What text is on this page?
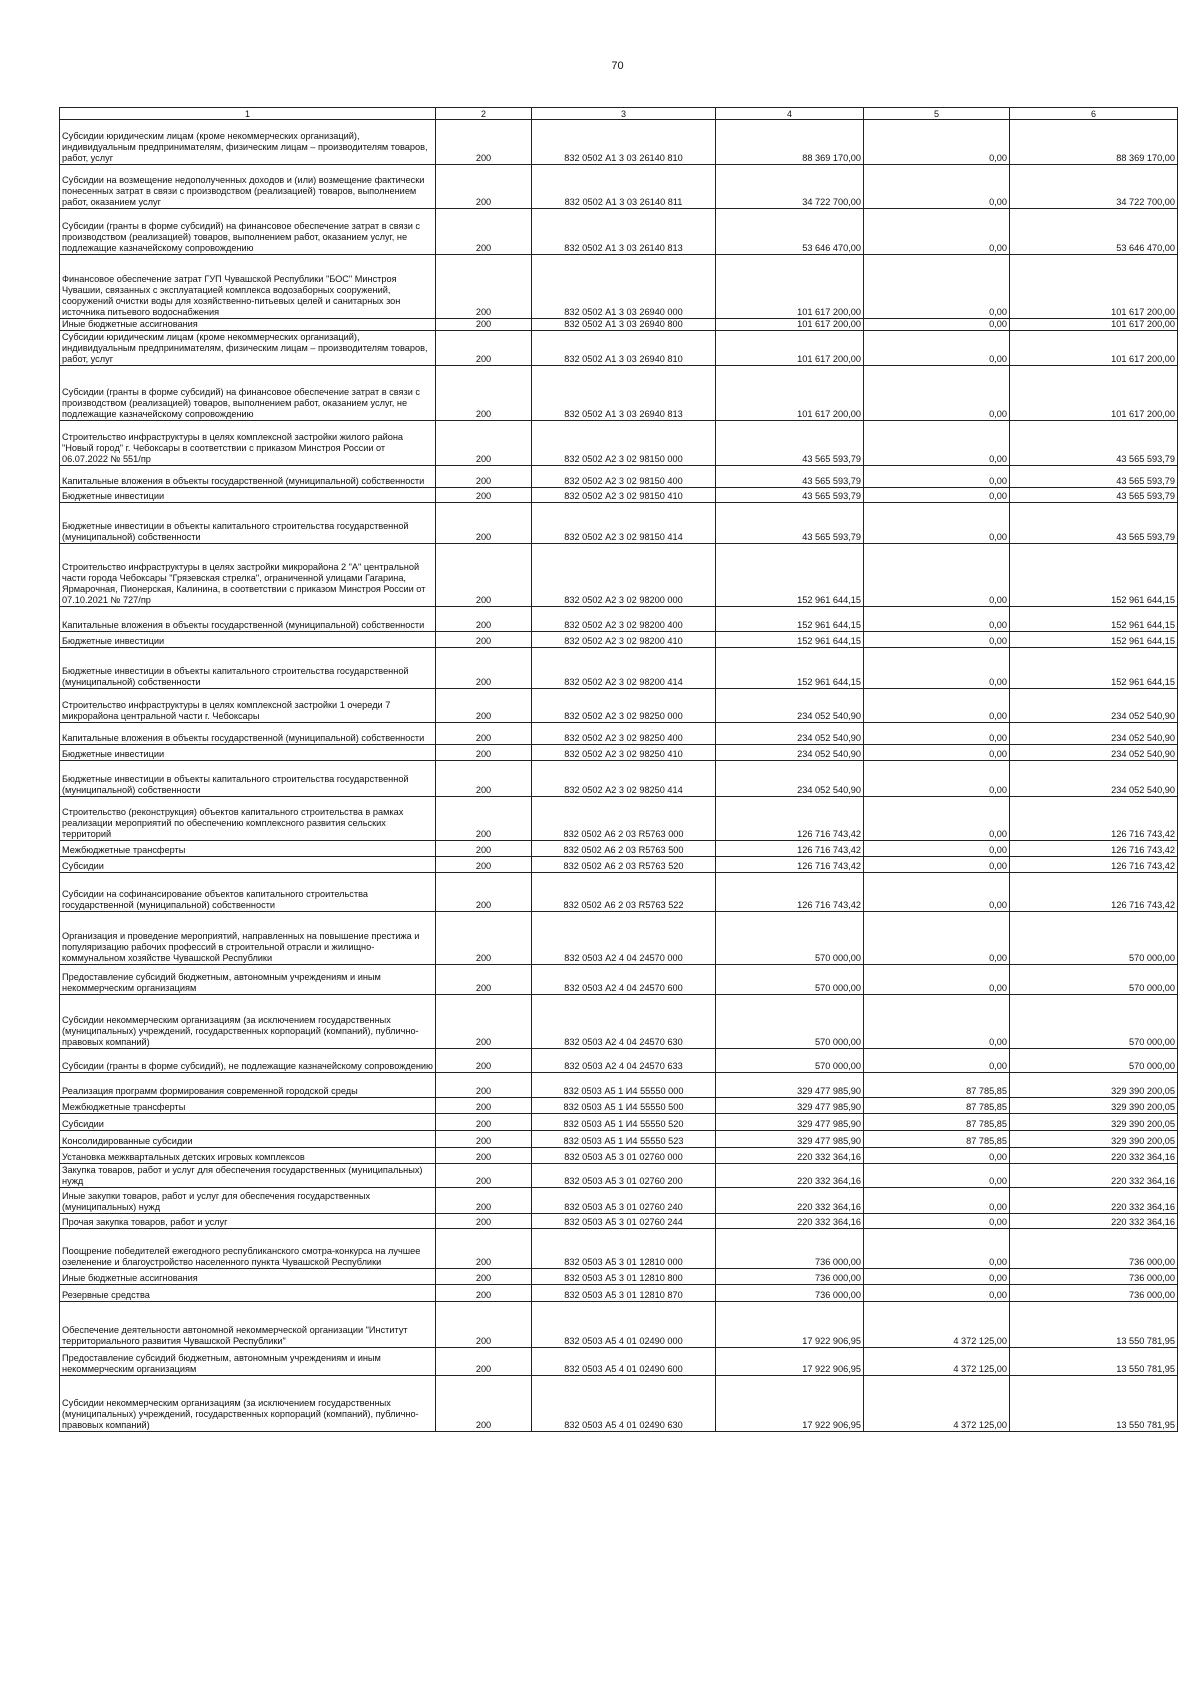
70
1	2	3	4	5	6
Субсидии юридическим лицам (кроме некоммерческих организаций), индивидуальным предпринимателям, физическим лицам – производителям товаров, работ, услуг	200	832 0502 А1 3 03 26140 810	88 369 170,00	0,00	88 369 170,00
Субсидии на возмещение недополученных доходов и (или) возмещение фактически понесенных затрат в связи с производством (реализацией) товаров, выполнением работ, оказанием услуг	200	832 0502 А1 3 03 26140 811	34 722 700,00	0,00	34 722 700,00
Субсидии (гранты в форме субсидий) на финансовое обеспечение затрат в связи с производством (реализацией) товаров, выполнением работ, оказанием услуг, не подлежащие казначейскому сопровождению	200	832 0502 А1 3 03 26140 813	53 646 470,00	0,00	53 646 470,00
Финансовое обеспечение затрат ГУП Чувашской Республики "БОС" Минстроя Чувашии, связанных с эксплуатацией комплекса водозаборных сооружений, сооружений очистки воды для хозяйственно-питьевых целей и санитарных зон источника питьевого водоснабжения	200	832 0502 А1 3 03 26940 000	101 617 200,00	0,00	101 617 200,00
Иные бюджетные ассигнования	200	832 0502 А1 3 03 26940 800	101 617 200,00	0,00	101 617 200,00
Субсидии юридическим лицам (кроме некоммерческих организаций), индивидуальным предпринимателям, физическим лицам – производителям товаров, работ, услуг	200	832 0502 А1 3 03 26940 810	101 617 200,00	0,00	101 617 200,00
Субсидии (гранты в форме субсидий) на финансовое обеспечение затрат в связи с производством (реализацией) товаров, выполнением работ, оказанием услуг, не подлежащие казначейскому сопровождению	200	832 0502 А1 3 03 26940 813	101 617 200,00	0,00	101 617 200,00
Строительство инфраструктуры в целях комплексной застройки жилого района "Новый город" г. Чебоксары в соответствии с приказом Минстроя России от 06.07.2022 № 551/пр	200	832 0502 А2 3 02 98150 000	43 565 593,79	0,00	43 565 593,79
Капитальные вложения в объекты государственной (муниципальной) собственности	200	832 0502 А2 3 02 98150 400	43 565 593,79	0,00	43 565 593,79
Бюджетные инвестиции	200	832 0502 А2 3 02 98150 410	43 565 593,79	0,00	43 565 593,79
Бюджетные инвестиции в объекты капитального строительства государственной (муниципальной) собственности	200	832 0502 А2 3 02 98150 414	43 565 593,79	0,00	43 565 593,79
Строительство инфраструктуры в целях застройки микрорайона 2 "А" центральной части города Чебоксары "Грязевская стрелка", ограниченной улицами Гагарина, Ярмарочная, Пионерская, Калинина, в соответствии с приказом Минстроя России от 07.10.2021 № 727/пр	200	832 0502 А2 3 02 98200 000	152 961 644,15	0,00	152 961 644,15
Капитальные вложения в объекты государственной (муниципальной) собственности	200	832 0502 А2 3 02 98200 400	152 961 644,15	0,00	152 961 644,15
Бюджетные инвестиции	200	832 0502 А2 3 02 98200 410	152 961 644,15	0,00	152 961 644,15
Бюджетные инвестиции в объекты капитального строительства государственной (муниципальной) собственности	200	832 0502 А2 3 02 98200 414	152 961 644,15	0,00	152 961 644,15
Строительство инфраструктуры в целях комплексной застройки 1 очереди 7 микрорайона центральной части г. Чебоксары	200	832 0502 А2 3 02 98250 000	234 052 540,90	0,00	234 052 540,90
Капитальные вложения в объекты государственной (муниципальной) собственности	200	832 0502 А2 3 02 98250 400	234 052 540,90	0,00	234 052 540,90
Бюджетные инвестиции	200	832 0502 А2 3 02 98250 410	234 052 540,90	0,00	234 052 540,90
Бюджетные инвестиции в объекты капитального строительства государственной (муниципальной) собственности	200	832 0502 А2 3 02 98250 414	234 052 540,90	0,00	234 052 540,90
Строительство (реконструкция) объектов капитального строительства в рамках реализации мероприятий по обеспечению комплексного развития сельских территорий	200	832 0502 А6 2 03 R5763 000	126 716 743,42	0,00	126 716 743,42
Межбюджетные трансферты	200	832 0502 А6 2 03 R5763 500	126 716 743,42	0,00	126 716 743,42
Субсидии	200	832 0502 А6 2 03 R5763 520	126 716 743,42	0,00	126 716 743,42
Субсидии на софинансирование объектов капитального строительства государственной (муниципальной) собственности	200	832 0502 А6 2 03 R5763 522	126 716 743,42	0,00	126 716 743,42
Организация и проведение мероприятий, направленных на повышение престижа и популяризацию рабочих профессий в строительной отрасли и жилищно-коммунальном хозяйстве Чувашской Республики	200	832 0503 А2 4 04 24570 000	570 000,00	0,00	570 000,00
Предоставление субсидий бюджетным, автономным учреждениям и иным некоммерческим организациям	200	832 0503 А2 4 04 24570 600	570 000,00	0,00	570 000,00
Субсидии некоммерческим организациям (за исключением государственных (муниципальных) учреждений, государственных корпораций (компаний), публично-правовых компаний)	200	832 0503 А2 4 04 24570 630	570 000,00	0,00	570 000,00
Субсидии (гранты в форме субсидий), не подлежащие казначейскому сопровождению	200	832 0503 А2 4 04 24570 633	570 000,00	0,00	570 000,00
Реализация программ формирования современной городской среды	200	832 0503 А5 1 И4 55550 000	329 477 985,90	87 785,85	329 390 200,05
Межбюджетные трансферты	200	832 0503 А5 1 И4 55550 500	329 477 985,90	87 785,85	329 390 200,05
Субсидии	200	832 0503 А5 1 И4 55550 520	329 477 985,90	87 785,85	329 390 200,05
Консолидированные субсидии	200	832 0503 А5 1 И4 55550 523	329 477 985,90	87 785,85	329 390 200,05
Установка межквартальных детских игровых комплексов	200	832 0503 А5 3 01 02760 000	220 332 364,16	0,00	220 332 364,16
Закупка товаров, работ и услуг для обеспечения государственных (муниципальных) нужд	200	832 0503 А5 3 01 02760 200	220 332 364,16	0,00	220 332 364,16
Иные закупки товаров, работ и услуг для обеспечения государственных (муниципальных) нужд	200	832 0503 А5 3 01 02760 240	220 332 364,16	0,00	220 332 364,16
Прочая закупка товаров, работ и услуг	200	832 0503 А5 3 01 02760 244	220 332 364,16	0,00	220 332 364,16
Поощрение победителей ежегодного республиканского смотра-конкурса на лучшее озеленение и благоустройство населенного пункта Чувашской Республики	200	832 0503 А5 3 01 12810 000	736 000,00	0,00	736 000,00
Иные бюджетные ассигнования	200	832 0503 А5 3 01 12810 800	736 000,00	0,00	736 000,00
Резервные средства	200	832 0503 А5 3 01 12810 870	736 000,00	0,00	736 000,00
Обеспечение деятельности автономной некоммерческой организации "Институт территориального развития Чувашской Республики"	200	832 0503 А5 4 01 02490 000	17 922 906,95	4 372 125,00	13 550 781,95
Предоставление субсидий бюджетным, автономным учреждениям и иным некоммерческим организациям	200	832 0503 А5 4 01 02490 600	17 922 906,95	4 372 125,00	13 550 781,95
Субсидии некоммерческим организациям (за исключением государственных (муниципальных) учреждений, государственных корпораций (компаний), публично-правовых компаний)	200	832 0503 А5 4 01 02490 630	17 922 906,95	4 372 125,00	13 550 781,95
